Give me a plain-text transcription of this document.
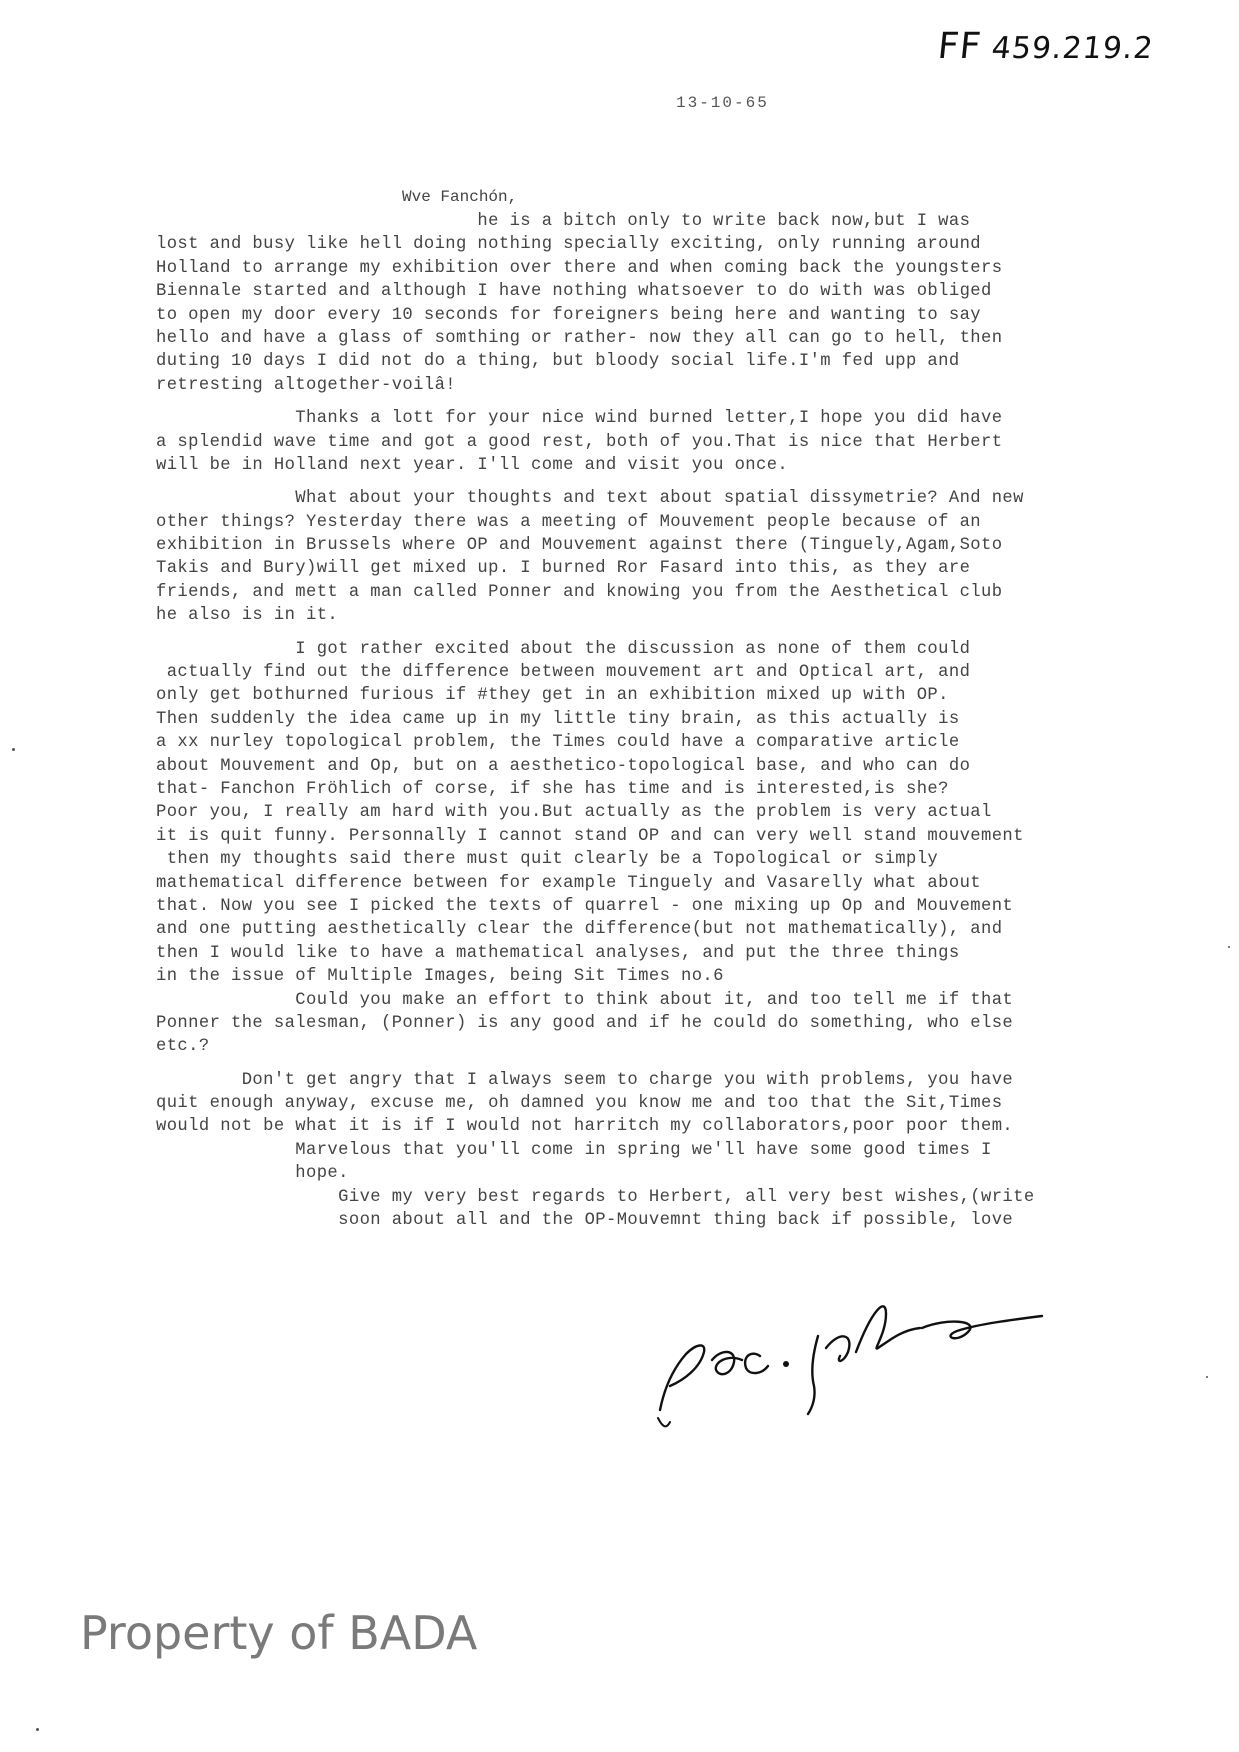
FF 459.219.2
13-10-65
Wve Fanchón,
he is a bitch only to write back now,but I was
lost and busy like hell doing nothing specially exciting, only running around
Holland to arrange my exhibition over there and when coming back the youngsters
Biennale started and although I have nothing whatsoever to do with was obliged
to open my door every 10 seconds for foreigners being here and wanting to say
hello and have a glass of somthing or rather- now they all can go to hell, then
duting 10 days I did not do a thing, but bloody social life.I'm fed upp and
retresting altogether-voilâ!
Thanks a lott for your nice wind burned letter,I hope you did have
a splendid wave time and got a good rest, both of you.That is nice that Herbert
will be in Holland next year. I'll come and visit you once.
What about your thoughts and text about spatial dissymetrie? And new
other things? Yesterday there was a meeting of Mouvement people because of an
exhibition in Brussels where OP and Mouvement against there (Tinguely,Agam,Soto
Takis and Bury)will get mixed up. I burned Ror Fasard into this, as they are
friends, and mett a man called Ponner and knowing you from the Aesthetical club
he also is in it.
I got rather excited about the discussion as none of them could
actually find out the difference between mouvement art and Optical art, and
only get bothurned furious if #they get in an exhibition mixed up with OP.
Then suddenly the idea came up in my little tiny brain, as this actually is
a xx nurley topological problem, the Times could have a comparative article
about Mouvement and Op, but on a aesthetico-topological base, and who can do
that- Fanchon Fröhlich of corse, if she has time and is interested,is she?
Poor you, I really am hard with you.But actually as the problem is very actual
it is quit funny. Personnally I cannot stand OP and can very well stand mouvement
then my thoughts said there must quit clearly be a Topological or simply
mathematical difference between for example Tinguely and Vasarelly what about
that. Now you see I picked the texts of quarrel - one mixing up Op and Mouvement
and one putting aesthetically clear the difference(but not mathematically), and
then I would like to have a mathematical analyses, and put the three things
in the issue of Multiple Images, being Sit Times no.6
Could you make an effort to think about it, and too tell me if that
Ponner the salesman, (Ponner) is any good and if he could do something, who else
etc.?
Don't get angry that I always seem to charge you with problems, you have
quit enough anyway, excuse me, oh damned you know me and too that the Sit,Times
would not be what it is if I would not harritch my collaborators,poor poor them.
Marvelous that you'll come in spring we'll have some good times I
hope.
Give my very best regards to Herbert, all very best wishes,(write
soon about all and the OP-Mouvemnt thing back if possible, love
Property of BADA
